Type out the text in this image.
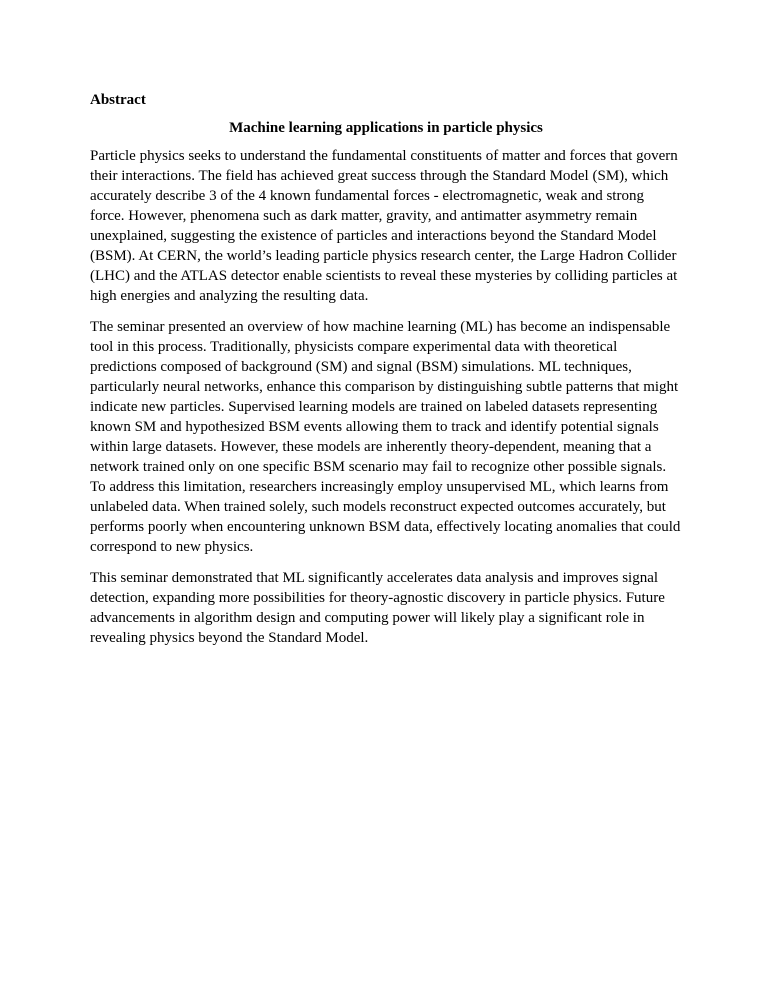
Abstract
Machine learning applications in particle physics

Particle physics seeks to understand the fundamental constituents of matter and forces that govern their interactions. The field has achieved great success through the Standard Model (SM), which accurately describe 3 of the 4 known fundamental forces - electromagnetic, weak and strong force. However, phenomena such as dark matter, gravity, and antimatter asymmetry remain unexplained, suggesting the existence of particles and interactions beyond the Standard Model (BSM). At CERN, the world’s leading particle physics research center, the Large Hadron Collider (LHC) and the ATLAS detector enable scientists to reveal these mysteries by colliding particles at high energies and analyzing the resulting data.

The seminar presented an overview of how machine learning (ML) has become an indispensable tool in this process. Traditionally, physicists compare experimental data with theoretical predictions composed of background (SM) and signal (BSM) simulations. ML techniques, particularly neural networks, enhance this comparison by distinguishing subtle patterns that might indicate new particles. Supervised learning models are trained on labeled datasets representing known SM and hypothesized BSM events allowing them to track and identify potential signals within large datasets. However, these models are inherently theory-dependent, meaning that a network trained only on one specific BSM scenario may fail to recognize other possible signals. To address this limitation, researchers increasingly employ unsupervised ML, which learns from unlabeled data. When trained solely, such models reconstruct expected outcomes accurately, but performs poorly when encountering unknown BSM data, effectively locating anomalies that could correspond to new physics.

This seminar demonstrated that ML significantly accelerates data analysis and improves signal detection, expanding more possibilities for theory-agnostic discovery in particle physics. Future advancements in algorithm design and computing power will likely play a significant role in revealing physics beyond the Standard Model.
